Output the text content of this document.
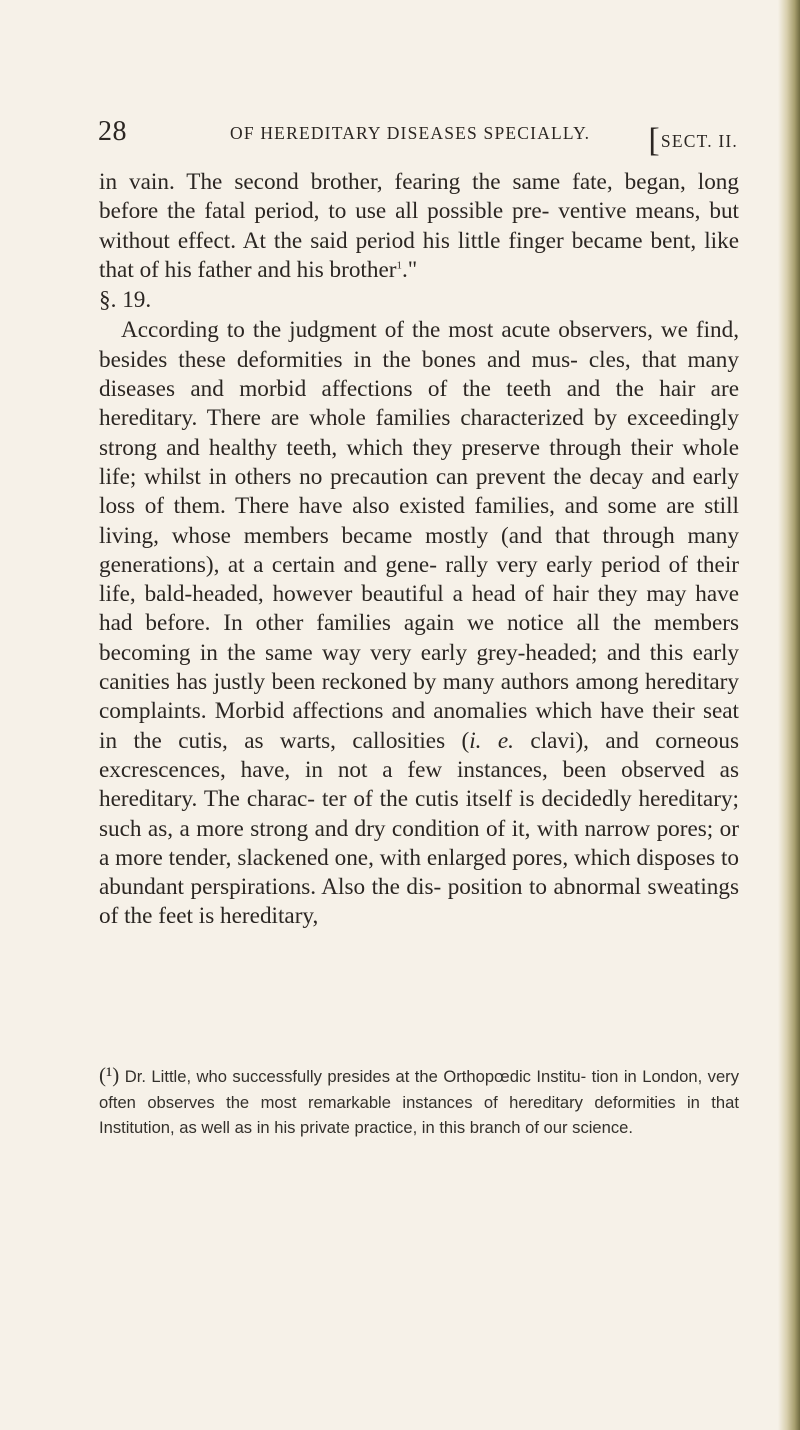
28	OF HEREDITARY DISEASES SPECIALLY. [SECT. II.

in vain. The second brother, fearing the same fate, began, long before the fatal period, to use all possible pre- ventive means, but without effect. At the said period his little finger became bent, like that of his father and his brother$^1$."

§. 19.

According to the judgment of the most acute observers, we find, besides these deformities in the bones and mus- cles, that many diseases and morbid affections of the teeth and the hair are hereditary. There are whole families characterized by exceedingly strong and healthy teeth, which they preserve through their whole life; whilst in others no precaution can prevent the decay and early loss of them. There have also existed families, and some are still living, whose members became mostly (and that through many generations), at a certain and gene- rally very early period of their life, bald-headed, however beautiful a head of hair they may have had before. In other families again we notice all the members becoming in the same way very early grey-headed; and this early canities has justly been reckoned by many authors among hereditary complaints. Morbid affections and anomalies which have their seat in the cutis, as warts, callosities (i. e. clavi), and corneous excrescences, have, in not a few instances, been observed as hereditary. The charac- ter of the cutis itself is decidedly hereditary; such as, a more strong and dry condition of it, with narrow pores; or a more tender, slackened one, with enlarged pores, which disposes to abundant perspirations. Also the dis- position to abnormal sweatings of the feet is hereditary,

(¹) Dr. Little, who successfully presides at the Orthopœdic Institu- tion in London, very often observes the most remarkable instances of hereditary deformities in that Institution, as well as in his private practice, in this branch of our science.
